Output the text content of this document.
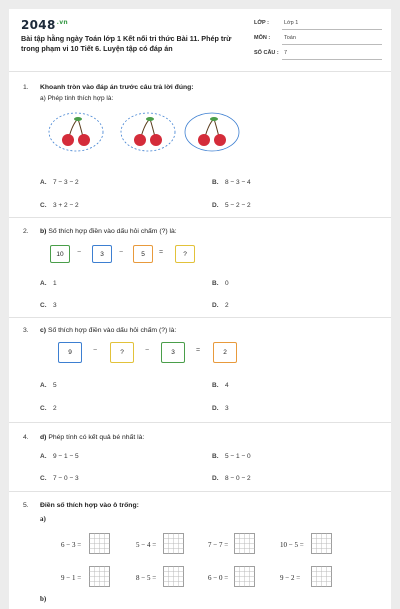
$2048^{.vn}$
Bài tập hằng ngày Toán lớp 1 Kết nối tri thức Bài 11. Phép trừ trong phạm vi 10 Tiết 6. Luyện tập có đáp án
LỚP :	Lớp 1
MÔN :	Toán
SỐ CÂU : 7
1. Khoanh tròn vào đáp án trước câu trả lời đúng:
a) Phép tính thích hợp là:
A. 7 − 3 − 2	B. 8 − 3 − 4
C. 3 + 2 − 2	D. 5 − 2 − 2
2. b) Số thích hợp điền vào dấu hỏi chấm (?) là:
10	−	3	−	5	=	?
A. 1	B. 0
C. 3	D. 2
3. c) Số thích hợp điền vào dấu hỏi chấm (?) là:
9	−	?	−	3	=	2
A. 5	B. 4
C. 2	D. 3
4. d) Phép tính có kết quả bé nhất là:
A. 9 − 1 − 5	B. 5 − 1 − 0
C. 7 − 0 − 3	D. 8 − 0 − 2
5. Điền số thích hợp vào ô trống:
a)
6 − 3 =	5 − 4 =	7 − 7 =	10 − 5 =
9 − 1 =	8 − 5 =	6 − 0 =	9 − 2 =
b)
